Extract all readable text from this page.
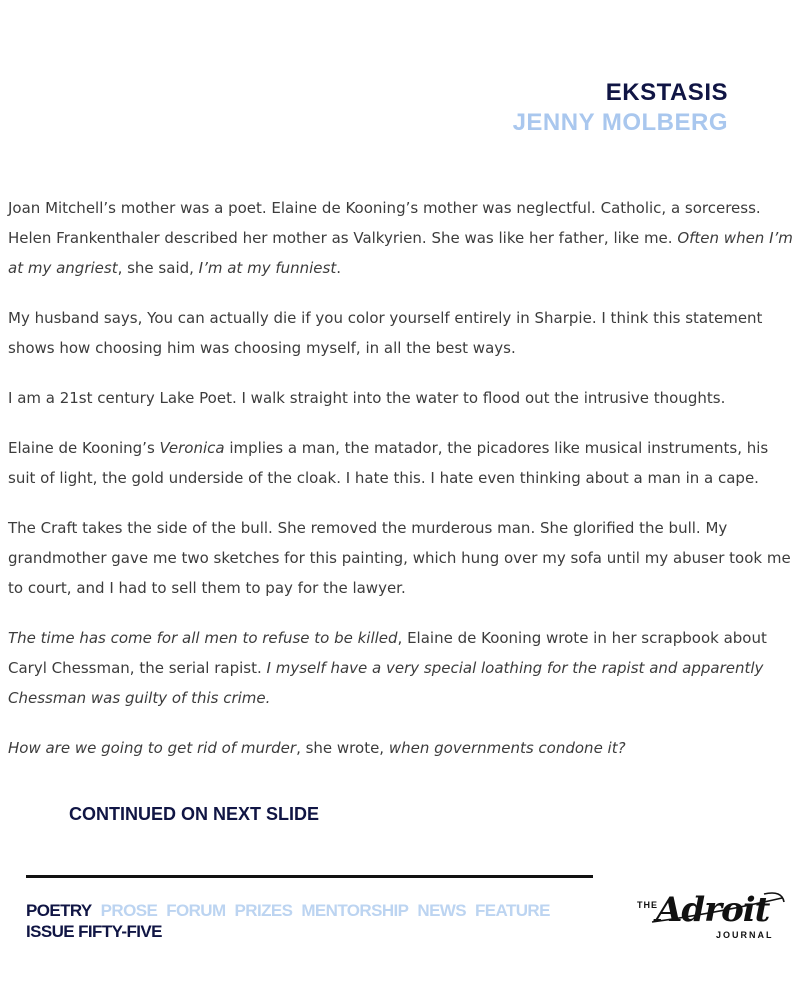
EKSTASIS
JENNY MOLBERG

Joan Mitchell’s mother was a poet. Elaine de Kooning’s mother was neglectful. Catholic, a sorceress. Helen Frankenthaler described her mother as Valkyrien. She was like her father, like me. Often when I’m at my angriest, she said, I’m at my funniest.

My husband says, You can actually die if you color yourself entirely in Sharpie. I think this statement shows how choosing him was choosing myself, in all the best ways.

I am a 21st century Lake Poet. I walk straight into the water to flood out the intrusive thoughts.

Elaine de Kooning’s Veronica implies a man, the matador, the picadores like musical instruments, his suit of light, the gold underside of the cloak. I hate this. I hate even thinking about a man in a cape.

The Craft takes the side of the bull. She removed the murderous man. She glorified the bull. My grandmother gave me two sketches for this painting, which hung over my sofa until my abuser took me to court, and I had to sell them to pay for the lawyer.

The time has come for all men to refuse to be killed, Elaine de Kooning wrote in her scrapbook about Caryl Chessman, the serial rapist. I myself have a very special loathing for the rapist and apparently Chessman was guilty of this crime.

How are we going to get rid of murder, she wrote, when governments condone it?

CONTINUED ON NEXT SLIDE
POETRY PROSE FORUM PRIZES MENTORSHIP NEWS FEATURE
ISSUE FIFTY-FIVE
THE
Adroit
JOURNAL
